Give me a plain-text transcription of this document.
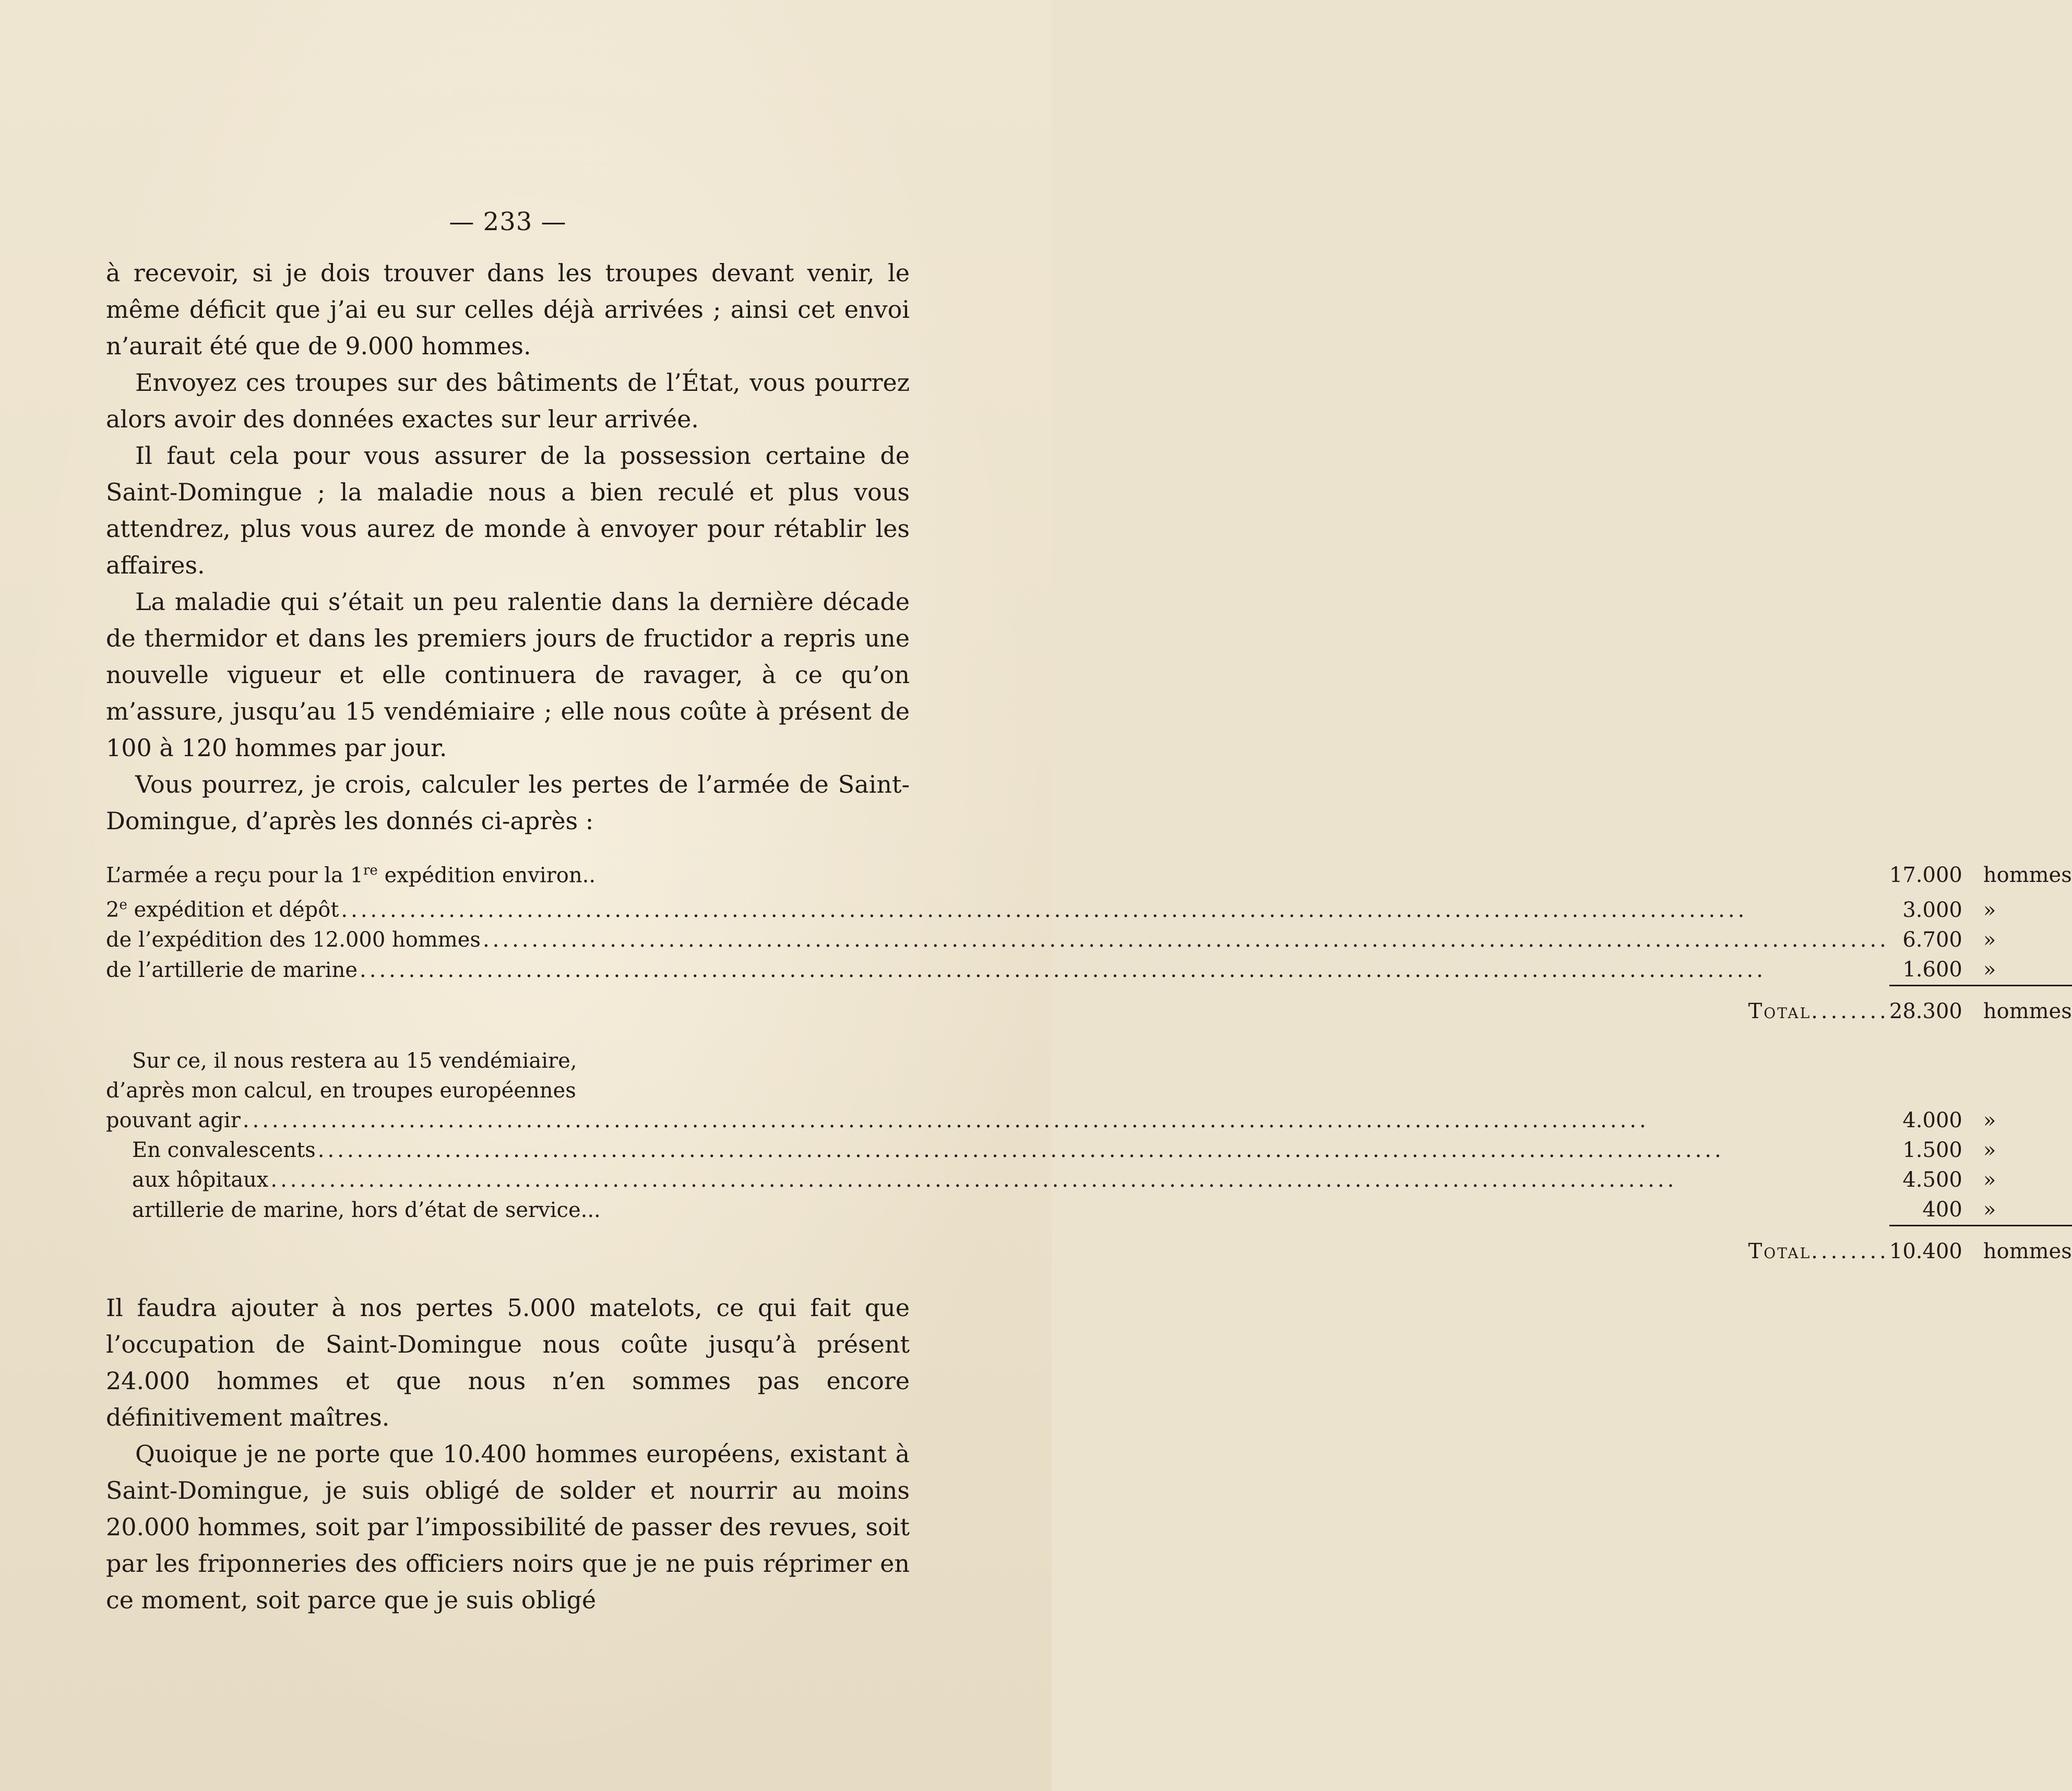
— 233 —

à recevoir, si je dois trouver dans les troupes devant venir, le même déficit que j’ai eu sur celles déjà arrivées ; ainsi cet envoi n’aurait été que de 9.000 hommes.

Envoyez ces troupes sur des bâtiments de l’État, vous pourrez alors avoir des données exactes sur leur arrivée.

Il faut cela pour vous assurer de la possession certaine de Saint-Domingue ; la maladie nous a bien reculé et plus vous attendrez, plus vous aurez de monde à envoyer pour rétablir les affaires.

La maladie qui s’était un peu ralentie dans la dernière décade de thermidor et dans les premiers jours de fructidor a repris une nouvelle vigueur et elle continuera de ravager, à ce qu’on m’assure, jusqu’au 15 vendémiaire ; elle nous coûte à présent de 100 à 120 hommes par jour.

Vous pourrez, je crois, calculer les pertes de l’armée de Saint-Domingue, d’après les donnés ci-après :

L’armée a reçu pour la 1re expédition environ..	17.000	hommes

2e expédition et dépôt
.....	3.000	»

de l’expédition des 12.000 hommes
.....	6.700	»

de l’artillerie de marine
.....	1.600	»

Total ........	28.300	hommes

Sur ce, il nous restera au 15 vendémiaire,		

d’après mon calcul, en troupes européennes		

pouvant agir
.....	4.000	»

En convalescents
.....	1.500	»

aux hôpitaux
.....	4.500	»

artillerie de marine, hors d’état de service...	400	»

Total ........	10.400	hommes

Il faudra ajouter à nos pertes 5.000 matelots, ce qui fait que l’occupation de Saint-Domingue nous coûte jusqu’à présent 24.000 hommes et que nous n’en sommes pas encore définitivement maîtres.

Quoique je ne porte que 10.400 hommes européens, existant à Saint-Domingue, je suis obligé de solder et nourrir au moins 20.000 hommes, soit par l’impossibilité de passer des revues, soit par les friponneries des officiers noirs que je ne puis réprimer en ce moment, soit parce que je suis obligé
